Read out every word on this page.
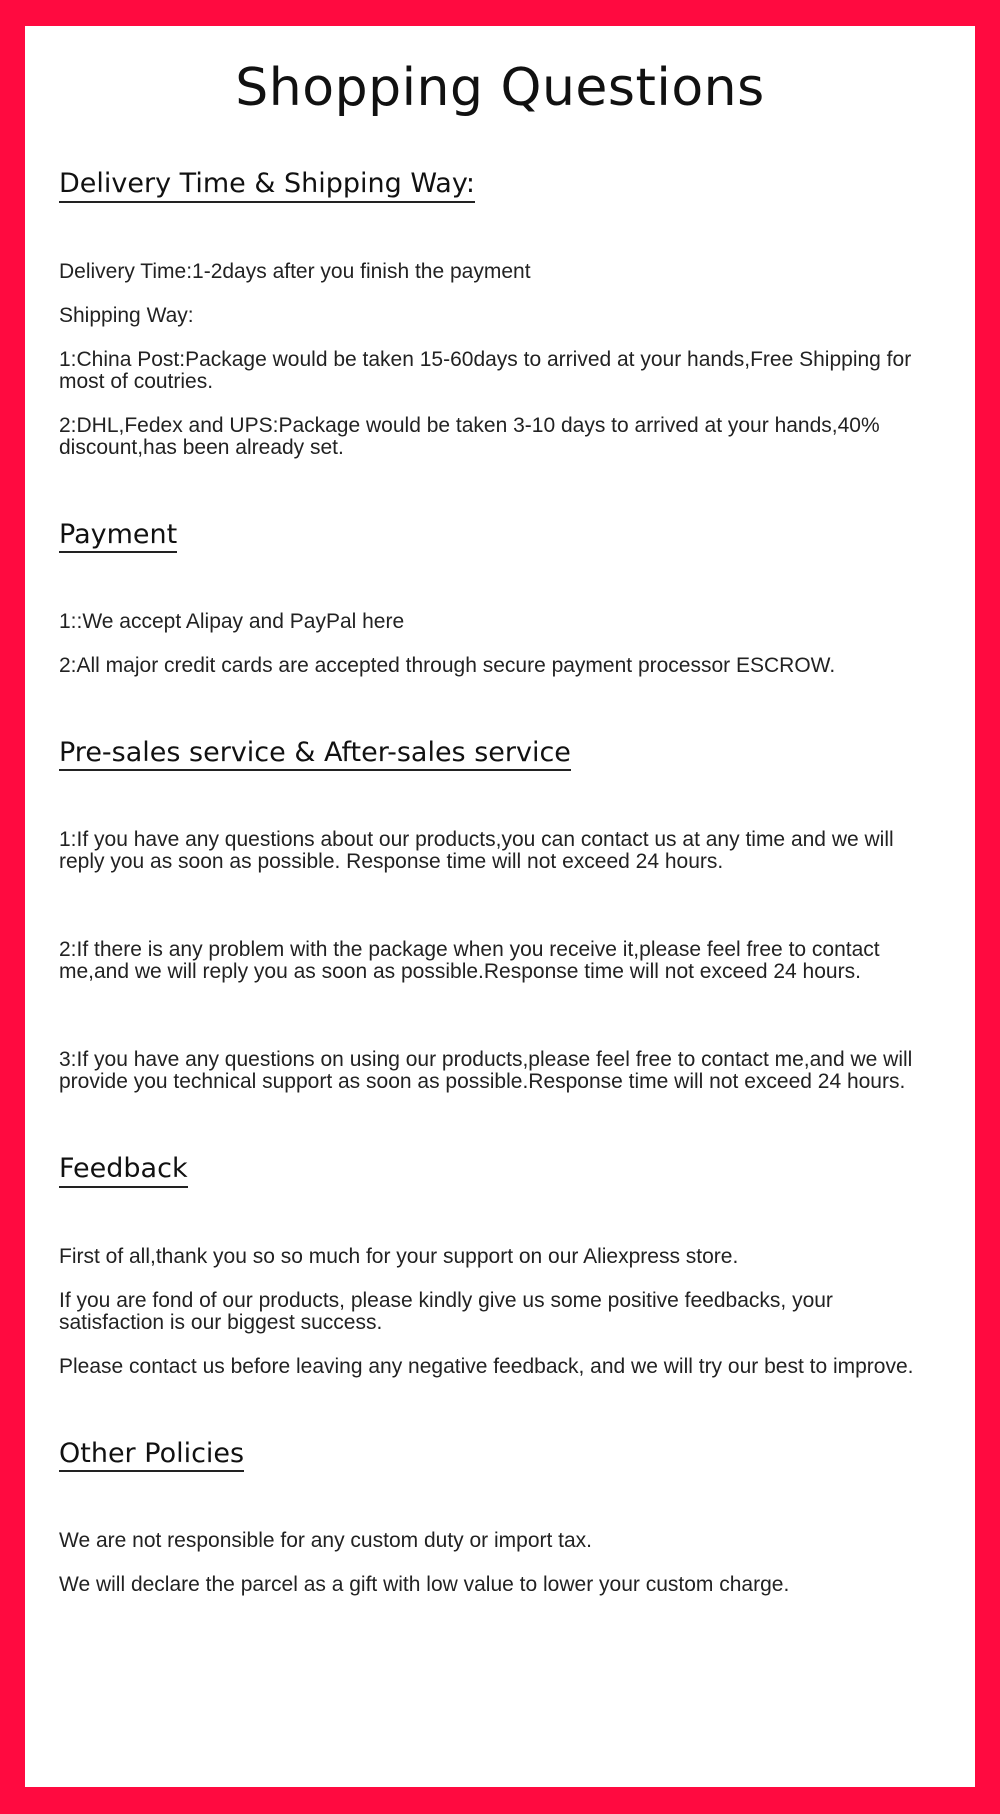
Shopping Questions
Delivery Time & Shipping Way:

Delivery Time:1-2days after you finish the payment

Shipping Way:

1:China Post:Package would be taken 15-60days to arrived at your hands,Free Shipping for most of coutries.

2:DHL,Fedex and UPS:Package would be taken 3-10 days to arrived at your hands,40% discount,has been already set.

Payment

1::We accept Alipay and PayPal here

2:All major credit cards are accepted through secure payment processor ESCROW.

Pre-sales service & After-sales service

1:If you have any questions about our products,you can contact us at any time and we will reply you as soon as possible. Response time will not exceed 24 hours.

2:If there is any problem with the package when you receive it,please feel free to contact me,and we will reply you as soon as possible.Response time will not exceed 24 hours.

3:If you have any questions on using our products,please feel free to contact me,and we will provide you technical support as soon as possible.Response time will not exceed 24 hours.

Feedback

First of all,thank you so so much for your support on our Aliexpress store.

If you are fond of our products, please kindly give us some positive feedbacks, your satisfaction is our biggest success.

Please contact us before leaving any negative feedback, and we will try our best to improve.

Other Policies

We are not responsible for any custom duty or import tax.

We will declare the parcel as a gift with low value to lower your custom charge.
